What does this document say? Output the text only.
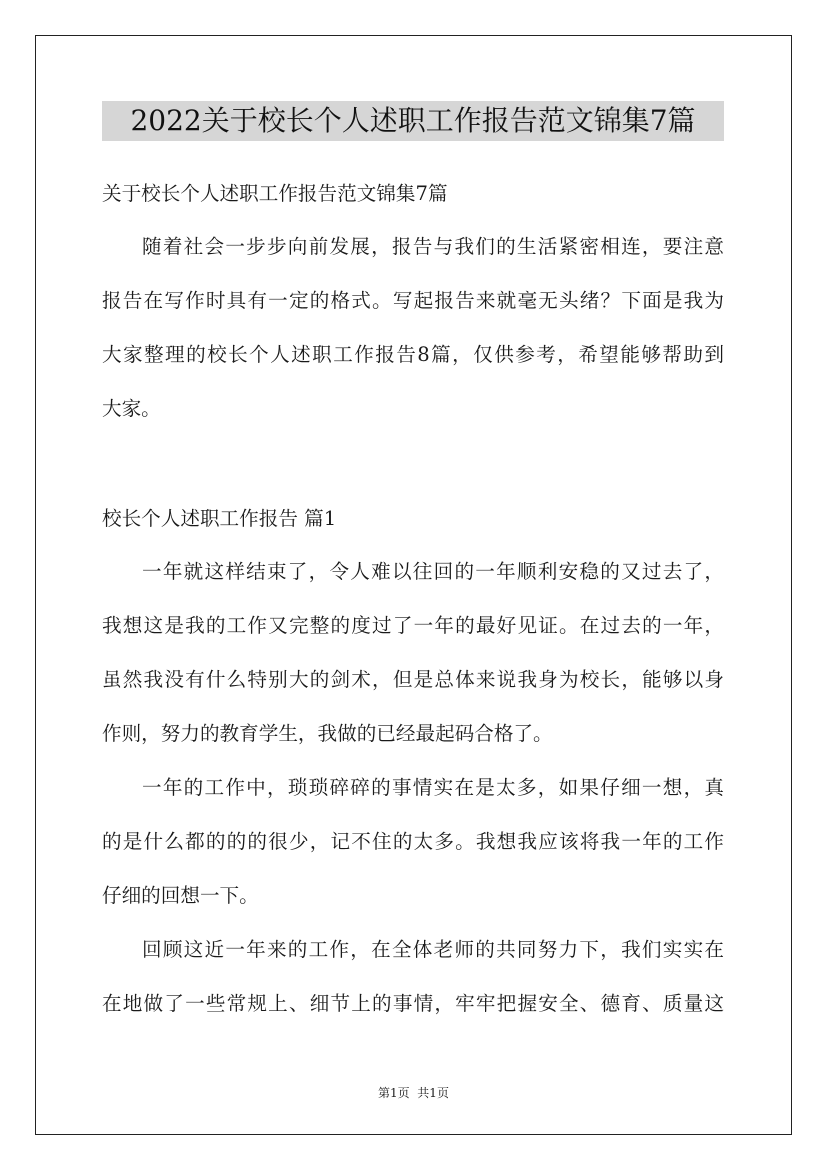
2022关于校长个人述职工作报告范文锦集7篇
关于校长个人述职工作报告范文锦集7篇
随着社会一步步向前发展，报告与我们的生活紧密相连，要注意
报告在写作时具有一定的格式。写起报告来就毫无头绪？下面是我为
大家整理的校长个人述职工作报告8篇，仅供参考，希望能够帮助到
大家。
校长个人述职工作报告 篇1
一年就这样结束了，令人难以往回的一年顺利安稳的又过去了，
我想这是我的工作又完整的度过了一年的最好见证。在过去的一年，
虽然我没有什么特别大的剑术，但是总体来说我身为校长，能够以身
作则，努力的教育学生，我做的已经最起码合格了。
一年的工作中，琐琐碎碎的事情实在是太多，如果仔细一想，真
的是什么都的的的很少，记不住的太多。我想我应该将我一年的工作
仔细的回想一下。
回顾这近一年来的工作，在全体老师的共同努力下，我们实实在
在地做了一些常规上、细节上的事情，牢牢把握安全、德育、质量这
第1页  共1页
